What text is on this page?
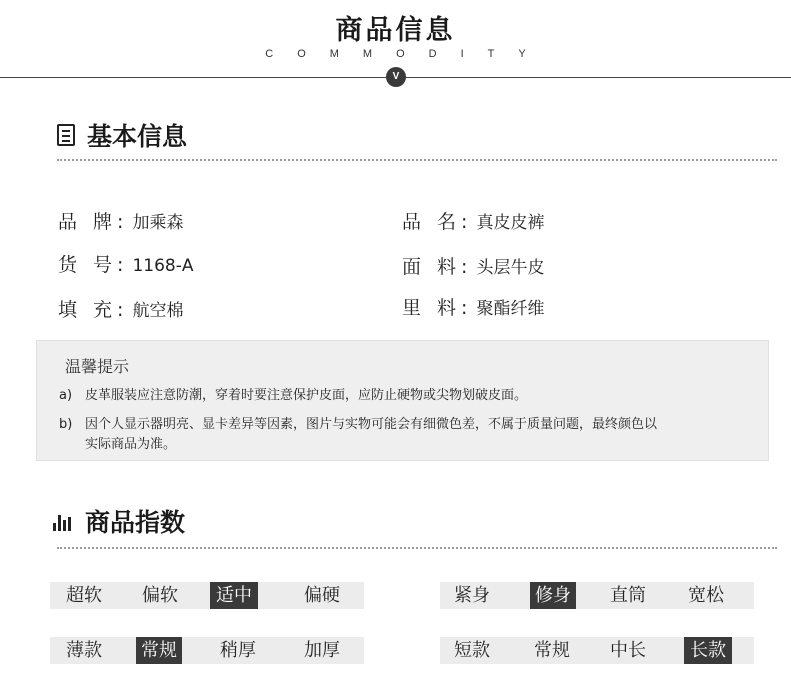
商品信息
COMMODITY
V
基本信息
品 牌: 加乘森	品 名: 真皮皮裤
货 号: 1168-A	面 料: 头层牛皮
填 充: 航空棉	里 料: 聚酯纤维
温馨提示
a) 皮革服装应注意防潮，穿着时要注意保护皮面，应防止硬物或尖物划破皮面。
b) 因个人显示器明亮、显卡差异等因素，图片与实物可能会有细微色差，不属于质量问题，最终颜色以
实际商品为准。
商品指数
超软	偏软	适中	偏硬	紧身	修身	直筒	宽松
薄款	常规	稍厚	加厚	短款	常规	中长	长款
